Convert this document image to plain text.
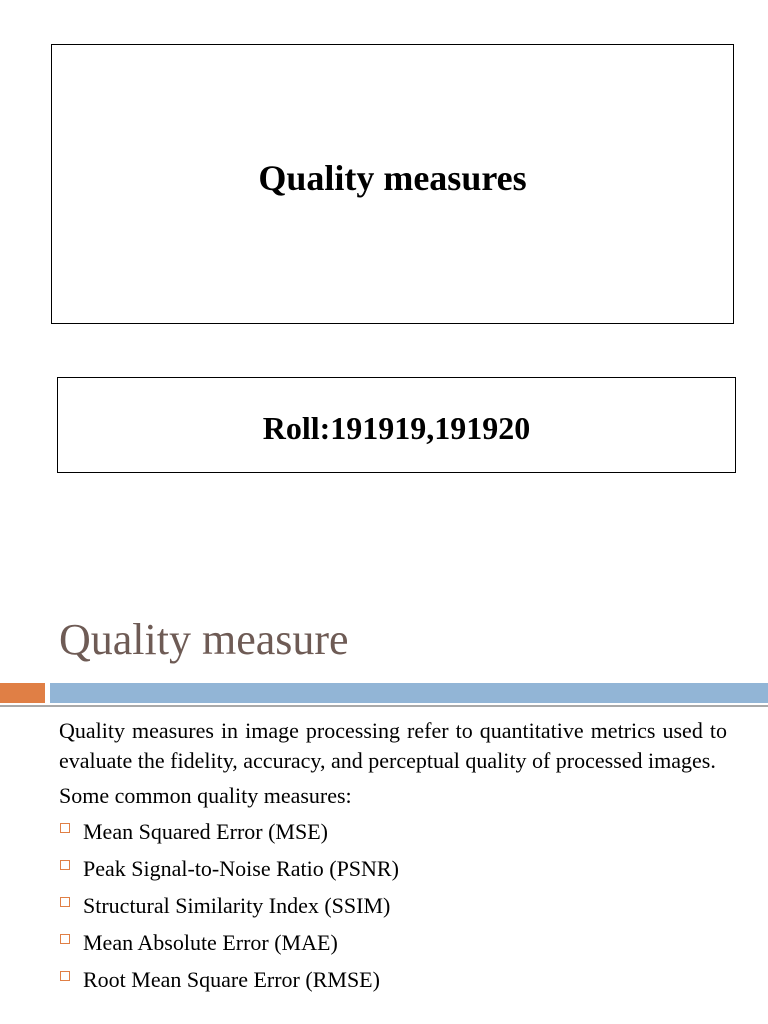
Quality measures
Roll:191919,191920
Quality measure

Quality measures in image processing refer to quantitative metrics used to evaluate the fidelity, accuracy, and perceptual quality of processed images.

Some common quality measures:

Mean Squared Error (MSE)
Peak Signal-to-Noise Ratio (PSNR)
Structural Similarity Index (SSIM)
Mean Absolute Error (MAE)
Root Mean Square Error (RMSE)
